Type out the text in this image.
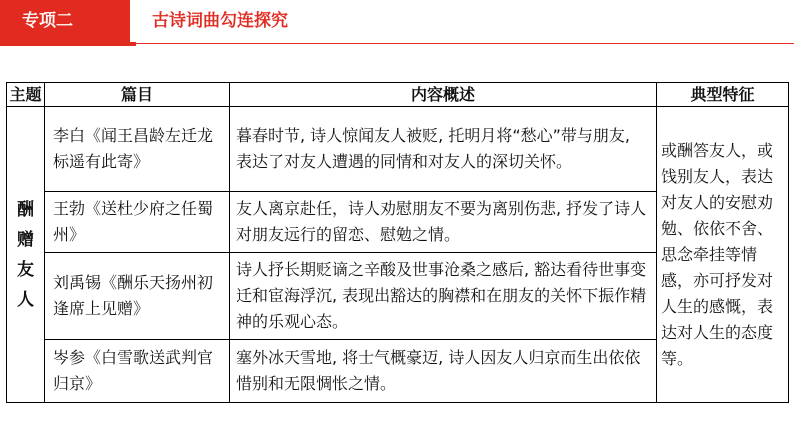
专项二	古诗词曲勾连探究
主题	篇目	内容概述	典型特征
酬赠友人	李白《闻王昌龄左迁龙标遥有此寄》	暮春时节, 诗人惊闻友人被贬, 托明月将“愁心”带与朋友, 表达了对友人遭遇的同情和对友人的深切关怀。	或酬答友人，或饯别友人，表达对友人的安慰劝勉、依依不舍、思念牵挂等情感，亦可抒发对人生的感慨，表达对人生的态度等。
	王勃《送杜少府之任蜀州》	友人离京赴任，诗人劝慰朋友不要为离别伤悲, 抒发了诗人对朋友远行的留恋、慰勉之情。	
	刘禹锡《酬乐天扬州初逢席上见赠》	诗人抒长期贬谪之辛酸及世事沧桑之感后, 豁达看待世事变迁和宦海浮沉, 表现出豁达的胸襟和在朋友的关怀下振作精神的乐观心态。	
	岑参《白雪歌送武判官归京》	塞外冰天雪地, 将士气概豪迈, 诗人因友人归京而生出依依惜别和无限惆怅之情。	
